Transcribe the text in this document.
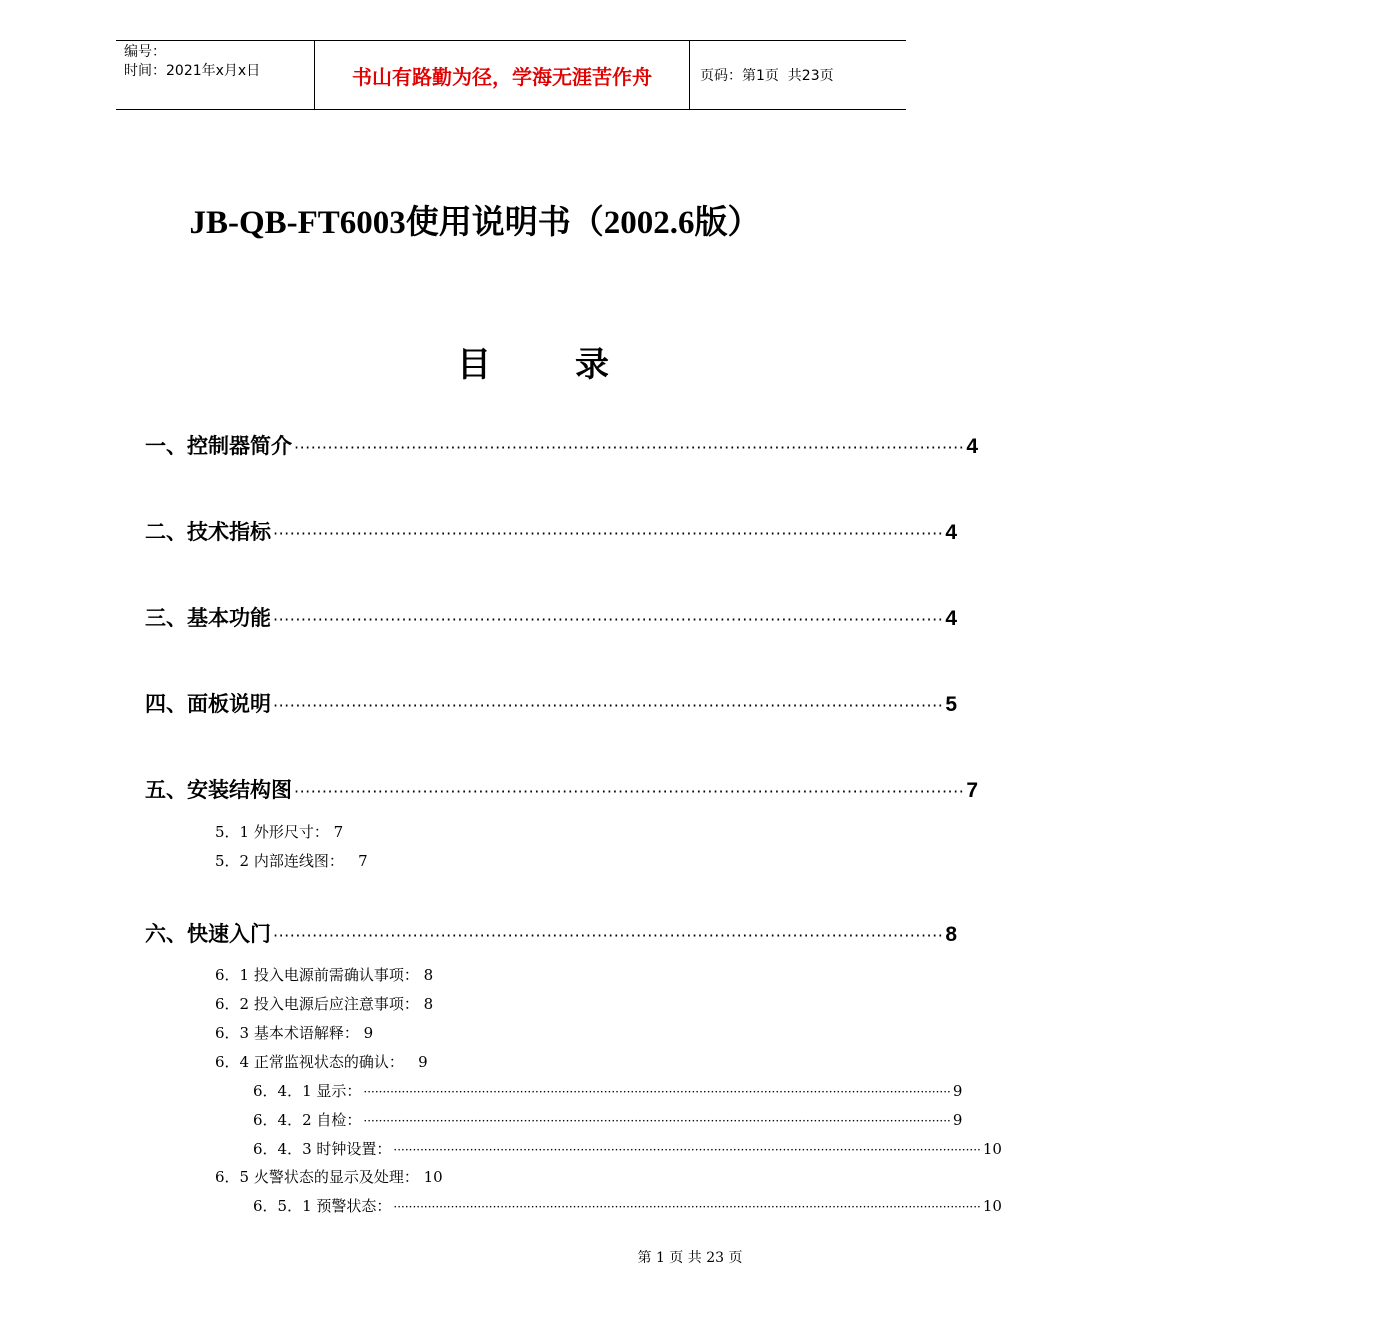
编号：
时间：2021年x月x日	书山有路勤为径，学海无涯苦作舟	页码：第1页  共23页
JB-QB-FT6003使用说明书（2002.6版）
目 录
一、控制器简介 ························································································································ 4
二、技术指标 ························································································································ 4
三、基本功能 ························································································································ 4
四、面板说明 ························································································································ 5
五、安装结构图 ························································································································ 7
5．1 外形尺寸： 7
5．2 内部连线图：   7
六、快速入门 ························································································································ 8
6．1 投入电源前需确认事项： 8
6．2 投入电源后应注意事项： 8
6．3 基本术语解释： 9
6．4 正常监视状态的确认：   9
6．4．1 显示： ·························································································································································· 9
6．4．2 自检： ·························································································································································· 9
6．4．3 时钟设置： ·························································································································································· 10
6．5 火警状态的显示及处理： 10
6．5．1 预警状态： ·························································································································································· 10
第 1 页 共 23 页
